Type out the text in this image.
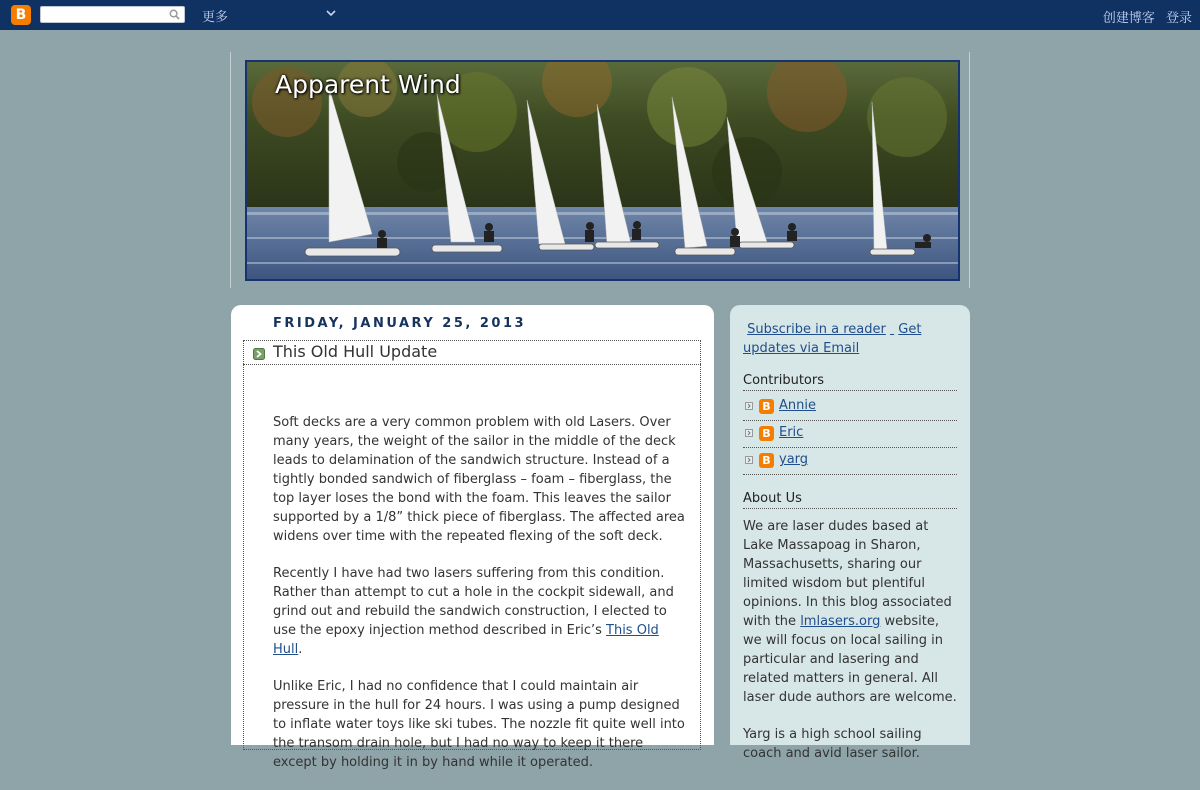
B
更多	创建博客 登录
Apparent Wind
FRIDAY, JANUARY 25, 2013
This Old Hull Update

Soft decks are a very common problem with old Lasers. Over many years, the weight of the sailor in the middle of the deck leads to delamination of the sandwich structure. Instead of a tightly bonded sandwich of fiberglass – foam – fiberglass, the top layer loses the bond with the foam. This leaves the sailor supported by a 1/8” thick piece of fiberglass. The affected area widens over time with the repeated flexing of the soft deck.

Recently I have had two lasers suffering from this condition. Rather than attempt to cut a hole in the cockpit sidewall, and grind out and rebuild the sandwich construction, I elected to use the epoxy injection method described in Eric’s This Old Hull.

Unlike Eric, I had no confidence that I could maintain air pressure in the hull for 24 hours. I was using a pump designed to inflate water toys like ski tubes. The nozzle fit quite well into the transom drain hole, but I had no way to keep it there except by holding it in by hand while it operated.

Subscribe in a reader Get updates via Email
Contributors
B
Annie
B
Eric
B
yarg
About Us

We are laser dudes based at Lake Massapoag in Sharon, Massachusetts, sharing our limited wisdom but plentiful opinions. In this blog associated with the lmlasers.org website, we will focus on local sailing in particular and lasering and related matters in general. All laser dude authors are welcome.

Yarg is a high school sailing coach and avid laser sailor.
